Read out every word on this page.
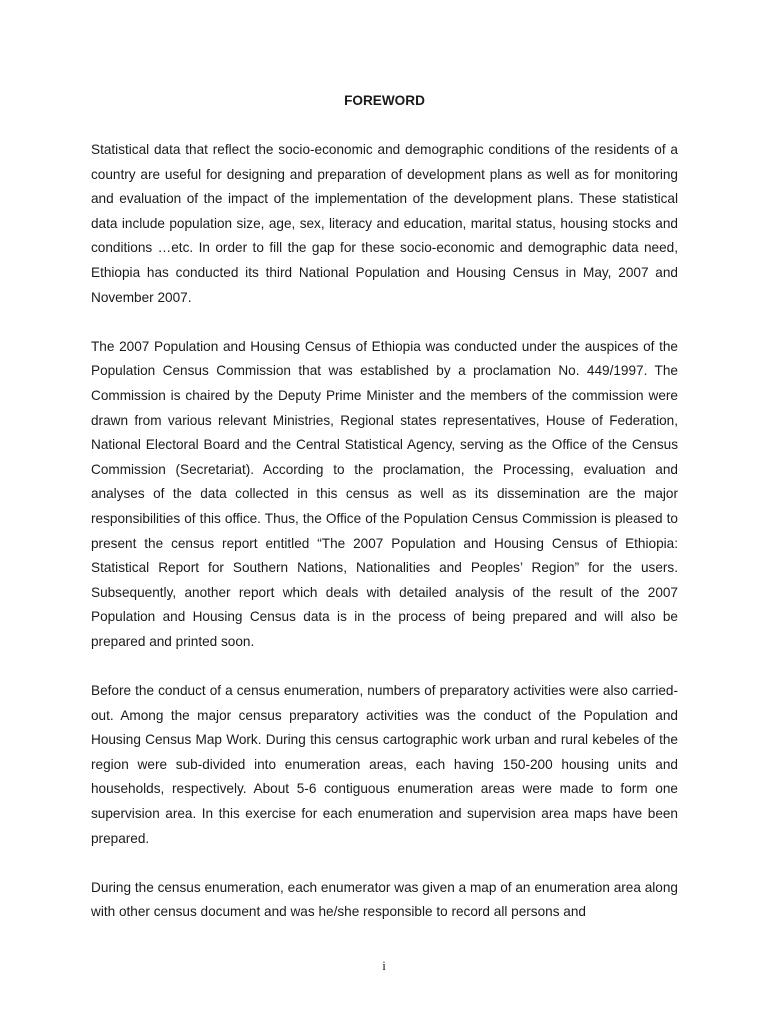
FOREWORD

Statistical data that reflect the socio-economic and demographic conditions of the residents of a country are useful for designing and preparation of development plans as well as for monitoring and evaluation of the impact of the implementation of the development plans. These statistical data include population size, age, sex, literacy and education, marital status, housing stocks and conditions …etc. In order to fill the gap for these socio-economic and demographic data need, Ethiopia has conducted its third National Population and Housing Census in May, 2007 and November 2007.

The 2007 Population and Housing Census of Ethiopia was conducted under the auspices of the Population Census Commission that was established by a proclamation No. 449/1997. The Commission is chaired by the Deputy Prime Minister and the members of the commission were drawn from various relevant Ministries, Regional states representatives, House of Federation, National Electoral Board and the Central Statistical Agency, serving as the Office of the Census Commission (Secretariat). According to the proclamation, the Processing, evaluation and analyses of the data collected in this census as well as its dissemination are the major responsibilities of this office. Thus, the Office of the Population Census Commission is pleased to present the census report entitled “The 2007 Population and Housing Census of Ethiopia: Statistical Report for Southern Nations, Nationalities and Peoples’ Region” for the users. Subsequently, another report which deals with detailed analysis of the result of the 2007 Population and Housing Census data is in the process of being prepared and will also be prepared and printed soon.

Before the conduct of a census enumeration, numbers of preparatory activities were also carried-out. Among the major census preparatory activities was the conduct of the Population and Housing Census Map Work. During this census cartographic work urban and rural kebeles of the region were sub-divided into enumeration areas, each having 150-200 housing units and households, respectively. About 5-6 contiguous enumeration areas were made to form one supervision area. In this exercise for each enumeration and supervision area maps have been prepared.

During the census enumeration, each enumerator was given a map of an enumeration area along with other census document and was he/she responsible to record all persons and

i
